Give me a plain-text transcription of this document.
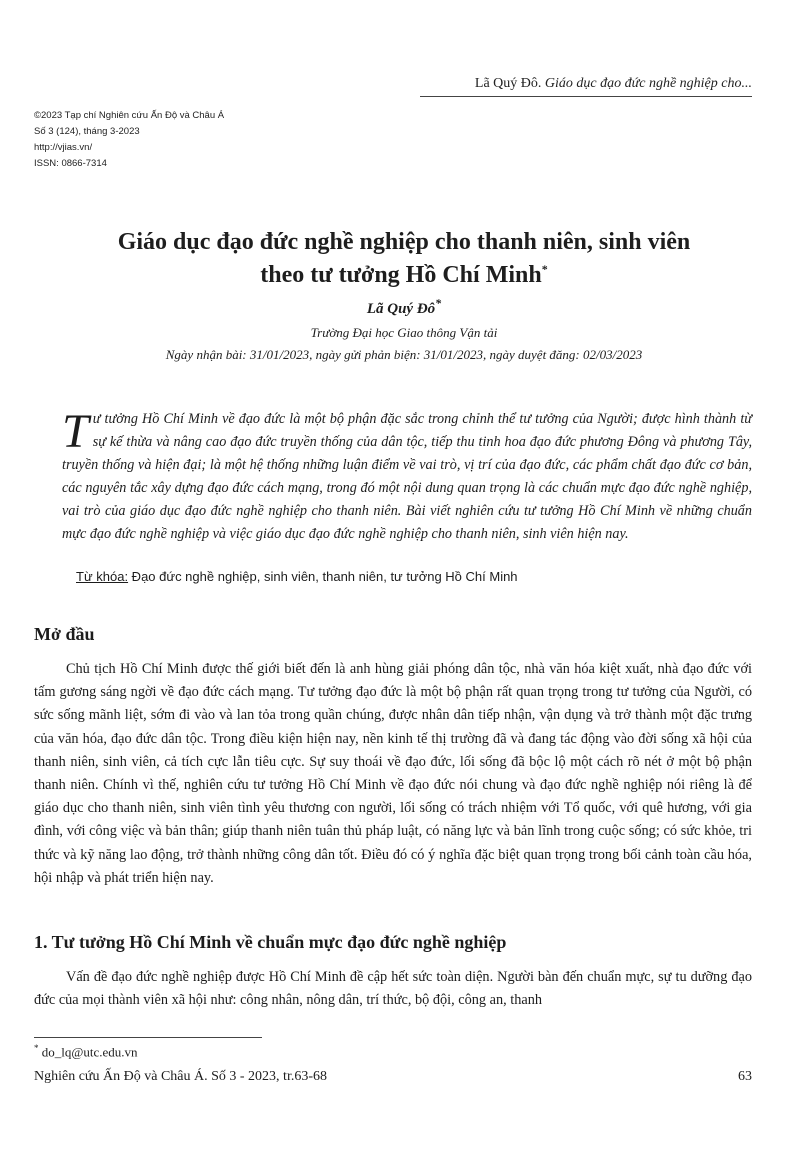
Lã Quý Đô. Giáo dục đạo đức nghề nghiệp cho...
©2023 Tạp chí Nghiên cứu Ấn Độ và Châu Á
Số 3 (124), tháng 3-2023
http://vjias.vn/
ISSN: 0866-7314
Giáo dục đạo đức nghề nghiệp cho thanh niên, sinh viên
theo tư tưởng Hồ Chí Minh*
Lã Quý Đô*
Trường Đại học Giao thông Vận tải
Ngày nhận bài: 31/01/2023, ngày gửi phản biện: 31/01/2023, ngày duyệt đăng: 02/03/2023
Tư tưởng Hồ Chí Minh về đạo đức là một bộ phận đặc sắc trong chỉnh thể tư tưởng của Người; được hình thành từ sự kế thừa và nâng cao đạo đức truyền thống của dân tộc, tiếp thu tinh hoa đạo đức phương Đông và phương Tây, truyền thống và hiện đại; là một hệ thống những luận điểm về vai trò, vị trí của đạo đức, các phẩm chất đạo đức cơ bản, các nguyên tắc xây dựng đạo đức cách mạng, trong đó một nội dung quan trọng là các chuẩn mực đạo đức nghề nghiệp, vai trò của giáo dục đạo đức nghề nghiệp cho thanh niên. Bài viết nghiên cứu tư tưởng Hồ Chí Minh về những chuẩn mực đạo đức nghề nghiệp và việc giáo dục đạo đức nghề nghiệp cho thanh niên, sinh viên hiện nay.
Từ khóa: Đạo đức nghề nghiệp, sinh viên, thanh niên, tư tưởng Hồ Chí Minh
Mở đầu
Chủ tịch Hồ Chí Minh được thế giới biết đến là anh hùng giải phóng dân tộc, nhà văn hóa kiệt xuất, nhà đạo đức với tấm gương sáng ngời về đạo đức cách mạng. Tư tưởng đạo đức là một bộ phận rất quan trọng trong tư tưởng của Người, có sức sống mãnh liệt, sớm đi vào và lan tỏa trong quần chúng, được nhân dân tiếp nhận, vận dụng và trở thành một đặc trưng của văn hóa, đạo đức dân tộc. Trong điều kiện hiện nay, nền kinh tế thị trường đã và đang tác động vào đời sống xã hội của thanh niên, sinh viên, cả tích cực lẫn tiêu cực. Sự suy thoái về đạo đức, lối sống đã bộc lộ một cách rõ nét ở một bộ phận thanh niên. Chính vì thế, nghiên cứu tư tưởng Hồ Chí Minh về đạo đức nói chung và đạo đức nghề nghiệp nói riêng là để giáo dục cho thanh niên, sinh viên tình yêu thương con người, lối sống có trách nhiệm với Tổ quốc, với quê hương, với gia đình, với công việc và bản thân; giúp thanh niên tuân thủ pháp luật, có năng lực và bản lĩnh trong cuộc sống; có sức khỏe, tri thức và kỹ năng lao động, trở thành những công dân tốt. Điều đó có ý nghĩa đặc biệt quan trọng trong bối cảnh toàn cầu hóa, hội nhập và phát triển hiện nay.
1. Tư tưởng Hồ Chí Minh về chuẩn mực đạo đức nghề nghiệp
Vấn đề đạo đức nghề nghiệp được Hồ Chí Minh đề cập hết sức toàn diện. Người bàn đến chuẩn mực, sự tu dưỡng đạo đức của mọi thành viên xã hội như: công nhân, nông dân, trí thức, bộ đội, công an, thanh
* do_lq@utc.edu.vn
Nghiên cứu Ấn Độ và Châu Á. Số 3 - 2023, tr.63-68	63
